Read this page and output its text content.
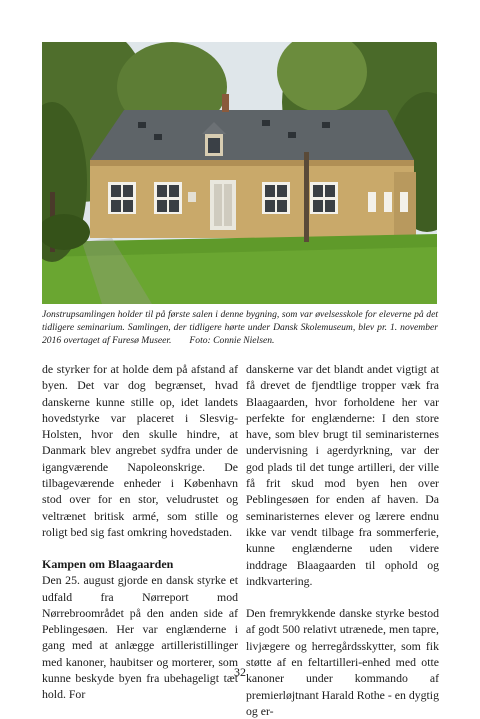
Jonstrupsamlingen holder til på første salen i denne bygning, som var øvelsesskole for eleverne på det tidligere seminarium. Samlingen, der tidligere hørte under Dansk Skolemuseum, blev pr. 1. november 2016 overtaget af Furesø Museer. Foto: Connie Nielsen.

de styrker for at holde dem på afstand af byen. Det var dog begrænset, hvad danskerne kunne stille op, idet landets hovedstyrke var placeret i Slesvig-Holsten, hvor den skulle hindre, at Danmark blev angrebet sydfra under de igangværende Napoleonskrige. De tilbageværende enheder i København stod over for en stor, veludrustet og veltrænet britisk armé, som stille og roligt bed sig fast omkring hovedstaden.

Kampen om Blaagaarden

Den 25. august gjorde en dansk styrke et udfald fra Nørreport mod Nørrebroområdet på den anden side af Peblingesøen. Her var englænderne i gang med at anlægge artilleristillinger med kanoner, haubitser og morterer, som kunne beskyde byen fra ubehageligt tæt hold. For

danskerne var det blandt andet vigtigt at få drevet de fjendtlige tropper væk fra Blaagaarden, hvor forholdene her var perfekte for englænderne: I den store have, som blev brugt til seminaristernes undervisning i agerdyrkning, var der god plads til det tunge artilleri, der ville få frit skud mod byen hen over Peblingesøen for enden af haven. Da seminaristernes elever og lærere endnu ikke var vendt tilbage fra sommerferie, kunne englænderne uden videre inddrage Blaagaarden til ophold og indkvartering.

Den fremrykkende danske styrke bestod af godt 500 relativt utrænede, men tapre, livjægere og herregårdsskytter, som fik støtte af en feltartilleri-enhed med otte kanoner under kommando af premierløjtnant Harald Rothe - en dygtig og er-

32
